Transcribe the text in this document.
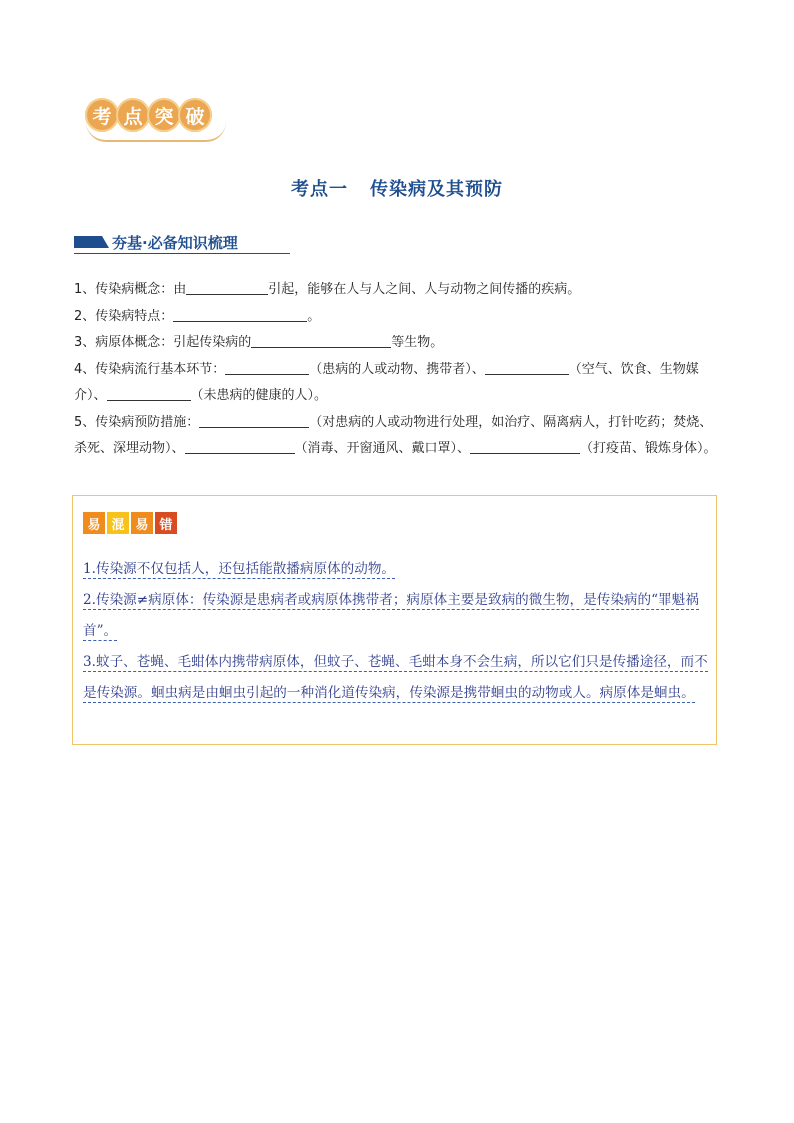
考 点 突 破
考点一 传染病及其预防
夯基·必备知识梳理

1、传染病概念：由	引起，能够在人与人之间、人与动物之间传播的疾病。

2、传染病特点：	。

3、病原体概念：引起传染病的	等生物。

4、传染病流行基本环节：	（患病的人或动物、携带者）、	（空气、饮食、生物媒介）、	（未患病的健康的人）。

5、传染病预防措施：	（对患病的人或动物进行处理，如治疗、隔离病人，打针吃药；焚烧、杀死、深埋动物）、	（消毒、开窗通风、戴口罩）、	（打疫苗、锻炼身体）。

易 混 易 错

1.传染源不仅包括人，还包括能散播病原体的动物。

2.传染源≠病原体：传染源是患病者或病原体携带者；病原体主要是致病的微生物，是传染病的“罪魁祸首”。

3.蚊子、苍蝇、毛蚶体内携带病原体，但蚊子、苍蝇、毛蚶本身不会生病，所以它们只是传播途径，而不是传染源。蛔虫病是由蛔虫引起的一种消化道传染病，传染源是携带蛔虫的动物或人。病原体是蛔虫。
